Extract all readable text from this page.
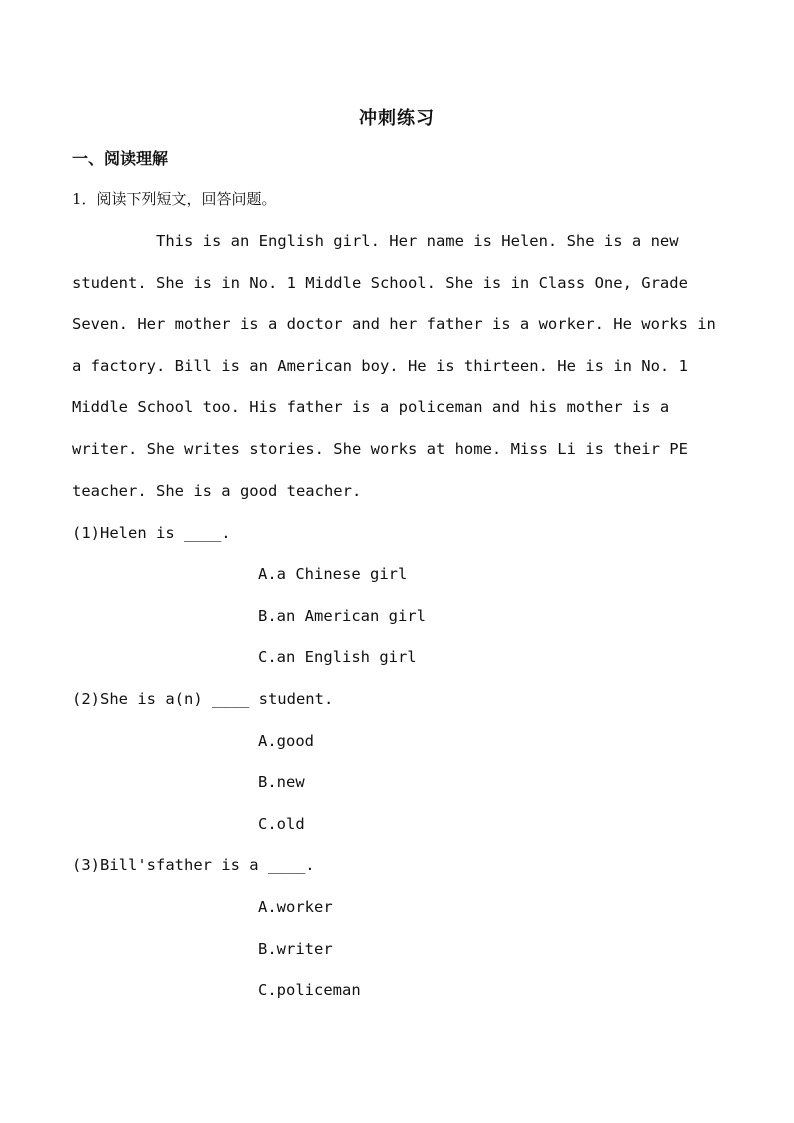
冲刺练习
一、阅读理解
1．阅读下列短文，回答问题。

This is an English girl. Her name is Helen. She is a new student. She is in No. 1 Middle School. She is in Class One, Grade Seven. Her mother is a doctor and her father is a worker. He works in a factory. Bill is an American boy. He is thirteen. He is in No. 1 Middle School too. His father is a policeman and his mother is a writer. She writes stories. She works at home. Miss Li is their PE teacher. She is a good teacher.

(1)Helen is ____.
A.a Chinese girl
B.an American girl
C.an English girl
(2)She is a(n) ____ student.
A.good
B.new
C.old
(3)Bill'sfather is a ____.
A.worker
B.writer
C.policeman
